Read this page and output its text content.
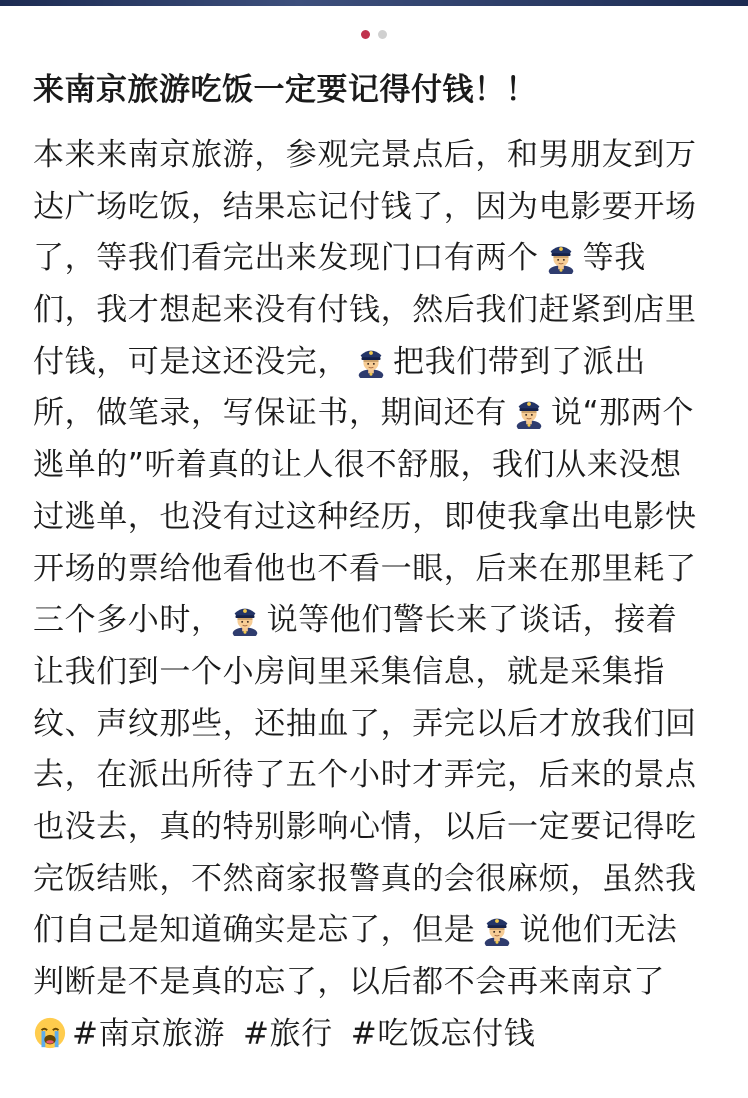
来南京旅游吃饭一定要记得付钱！！
本来来南京旅游，参观完景点后，和男朋友到万
达广场吃饭，结果忘记付钱了，因为电影要开场
了，等我们看完出来发现门口有两个 等我
们，我才想起来没有付钱，然后我们赶紧到店里
付钱，可是这还没完， 把我们带到了派出
所，做笔录，写保证书，期间还有 说“那两个
逃单的”听着真的让人很不舒服，我们从来没想
过逃单，也没有过这种经历，即使我拿出电影快
开场的票给他看他也不看一眼，后来在那里耗了
三个多小时， 说等他们警长来了谈话，接着
让我们到一个小房间里采集信息，就是采集指
纹、声纹那些，还抽血了，弄完以后才放我们回
去，在派出所待了五个小时才弄完，后来的景点
也没去，真的特别影响心情，以后一定要记得吃
完饭结账，不然商家报警真的会很麻烦，虽然我
们自己是知道确实是忘了，但是 说他们无法
判断是不是真的忘了，以后都不会再来南京了
#南京旅游 #旅行 #吃饭忘付钱
